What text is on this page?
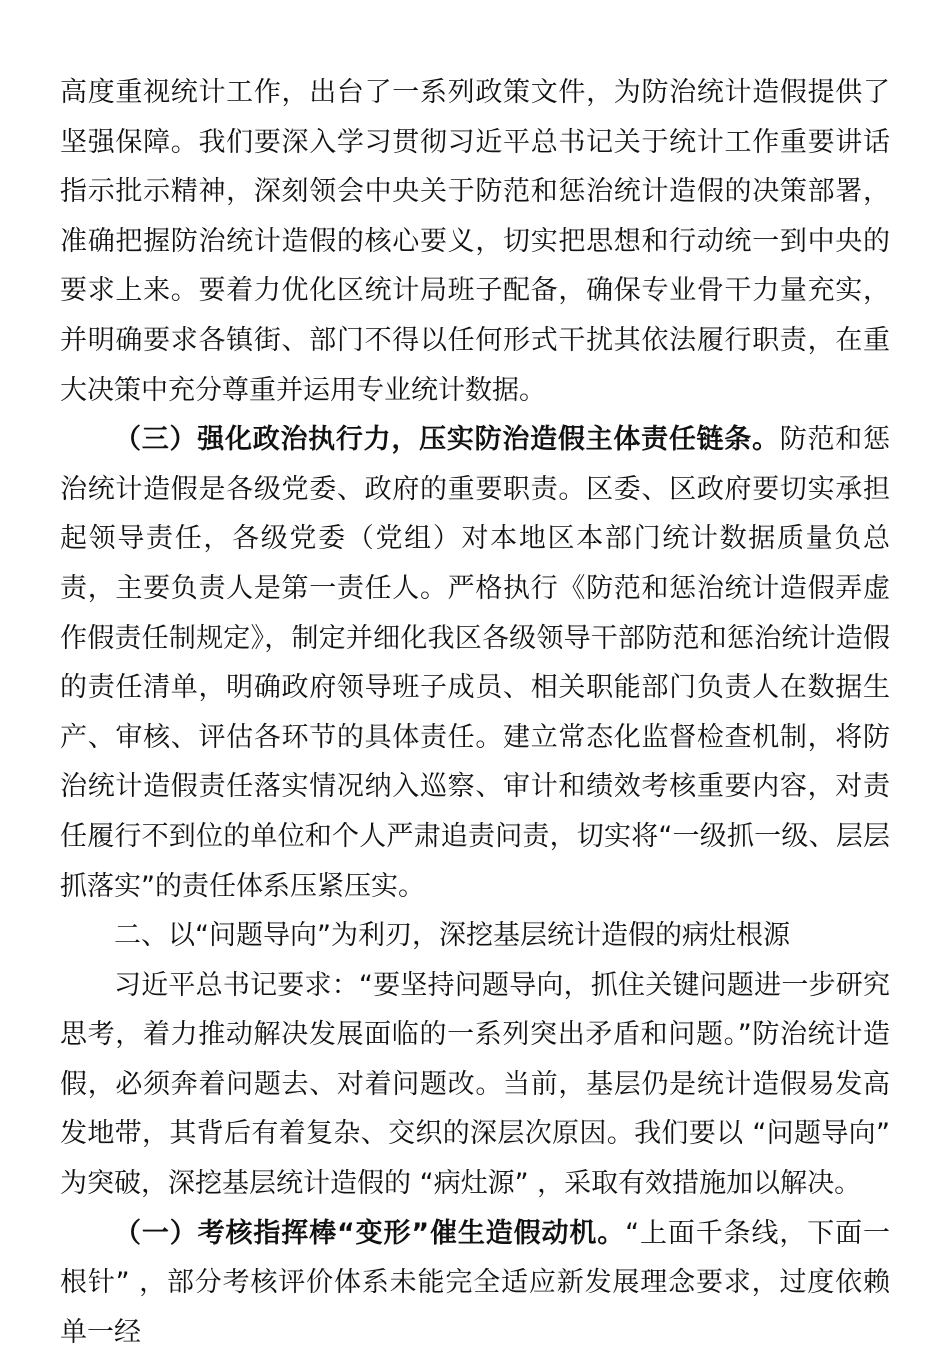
高度重视统计工作，出台了一系列政策文件，为防治统计造假提供了坚强保障。我们要深入学习贯彻习近平总书记关于统计工作重要讲话指示批示精神，深刻领会中央关于防范和惩治统计造假的决策部署，准确把握防治统计造假的核心要义，切实把思想和行动统一到中央的要求上来。要着力优化区统计局班子配备，确保专业骨干力量充实，并明确要求各镇街、部门不得以任何形式干扰其依法履行职责，在重大决策中充分尊重并运用专业统计数据。

（三）强化政治执行力，压实防治造假主体责任链条。防范和惩治统计造假是各级党委、政府的重要职责。区委、区政府要切实承担起领导责任，各级党委（党组）对本地区本部门统计数据质量负总责，主要负责人是第一责任人。严格执行《防范和惩治统计造假弄虚作假责任制规定》，制定并细化我区各级领导干部防范和惩治统计造假的责任清单，明确政府领导班子成员、相关职能部门负责人在数据生产、审核、评估各环节的具体责任。建立常态化监督检查机制，将防治统计造假责任落实情况纳入巡察、审计和绩效考核重要内容，对责任履行不到位的单位和个人严肃追责问责，切实将“一级抓一级、层层抓落实”的责任体系压紧压实。

二、以“问题导向”为利刃，深挖基层统计造假的病灶根源

习近平总书记要求：“要坚持问题导向，抓住关键问题进一步研究思考，着力推动解决发展面临的一系列突出矛盾和问题。”防治统计造假，必须奔着问题去、对着问题改。当前，基层仍是统计造假易发高发地带，其背后有着复杂、交织的深层次原因。我们要以 “问题导向” 为突破，深挖基层统计造假的 “病灶源” ，采取有效措施加以解决。

（一）考核指挥棒“变形”催生造假动机。“上面千条线，下面一根针” ，部分考核评价体系未能完全适应新发展理念要求，过度依赖单一经
